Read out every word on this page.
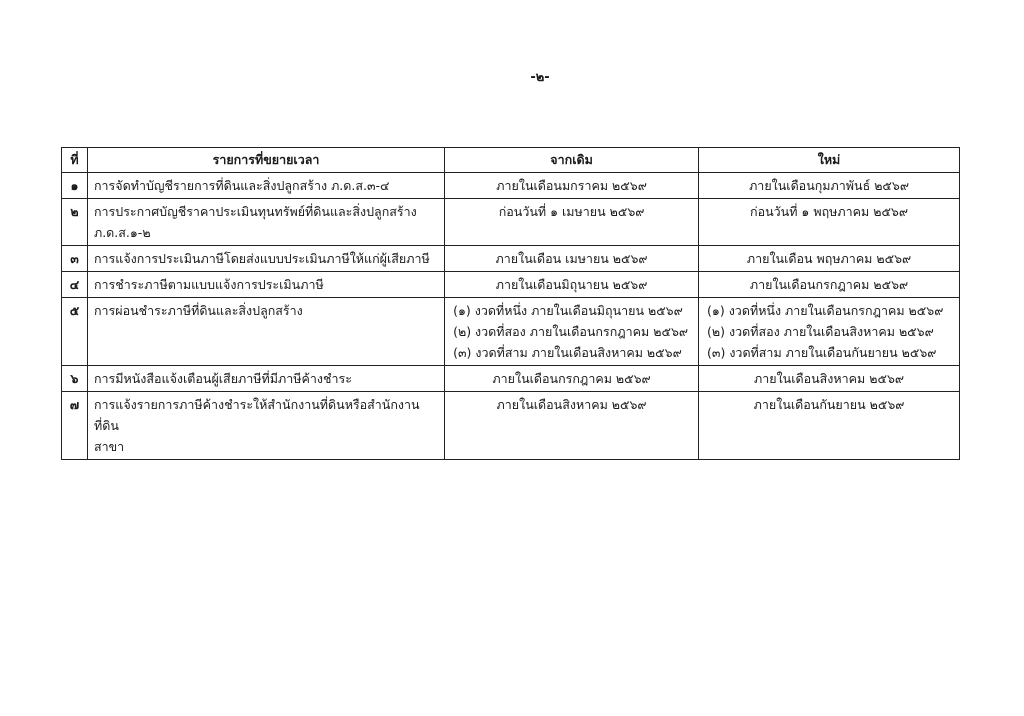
-๒-
ที่	รายการที่ขยายเวลา	จากเดิม	ใหม่
๑	การจัดทำบัญชีรายการที่ดินและสิ่งปลูกสร้าง ภ.ด.ส.๓-๔	ภายในเดือนมกราคม ๒๕๖๙	ภายในเดือนกุมภาพันธ์ ๒๕๖๙

๒	การประกาศบัญชีราคาประเมินทุนทรัพย์ที่ดินและสิ่งปลูกสร้าง
ภ.ด.ส.๑-๒	ก่อนวันที่ ๑ เมษายน ๒๕๖๙	ก่อนวันที่ ๑ พฤษภาคม ๒๕๖๙

๓	การแจ้งการประเมินภาษีโดยส่งแบบประเมินภาษีให้แก่ผู้เสียภาษี	ภายในเดือน เมษายน ๒๕๖๙	ภายในเดือน พฤษภาคม ๒๕๖๙

๔	การชำระภาษีตามแบบแจ้งการประเมินภาษี	ภายในเดือนมิถุนายน ๒๕๖๙	ภายในเดือนกรกฎาคม ๒๕๖๙

๕	การผ่อนชำระภาษีที่ดินและสิ่งปลูกสร้าง	(๑) งวดที่หนึ่ง ภายในเดือนมิถุนายน ๒๕๖๙
(๒) งวดที่สอง ภายในเดือนกรกฎาคม ๒๕๖๙
(๓) งวดที่สาม ภายในเดือนสิงหาคม ๒๕๖๙	(๑) งวดที่หนึ่ง ภายในเดือนกรกฎาคม ๒๕๖๙
(๒) งวดที่สอง ภายในเดือนสิงหาคม ๒๕๖๙
(๓) งวดที่สาม ภายในเดือนกันยายน ๒๕๖๙

๖	การมีหนังสือแจ้งเตือนผู้เสียภาษีที่มีภาษีค้างชำระ	ภายในเดือนกรกฎาคม ๒๕๖๙	ภายในเดือนสิงหาคม ๒๕๖๙

๗	การแจ้งรายการภาษีค้างชำระให้สำนักงานที่ดินหรือสำนักงานที่ดิน
สาขา	ภายในเดือนสิงหาคม ๒๕๖๙	ภายในเดือนกันยายน ๒๕๖๙
